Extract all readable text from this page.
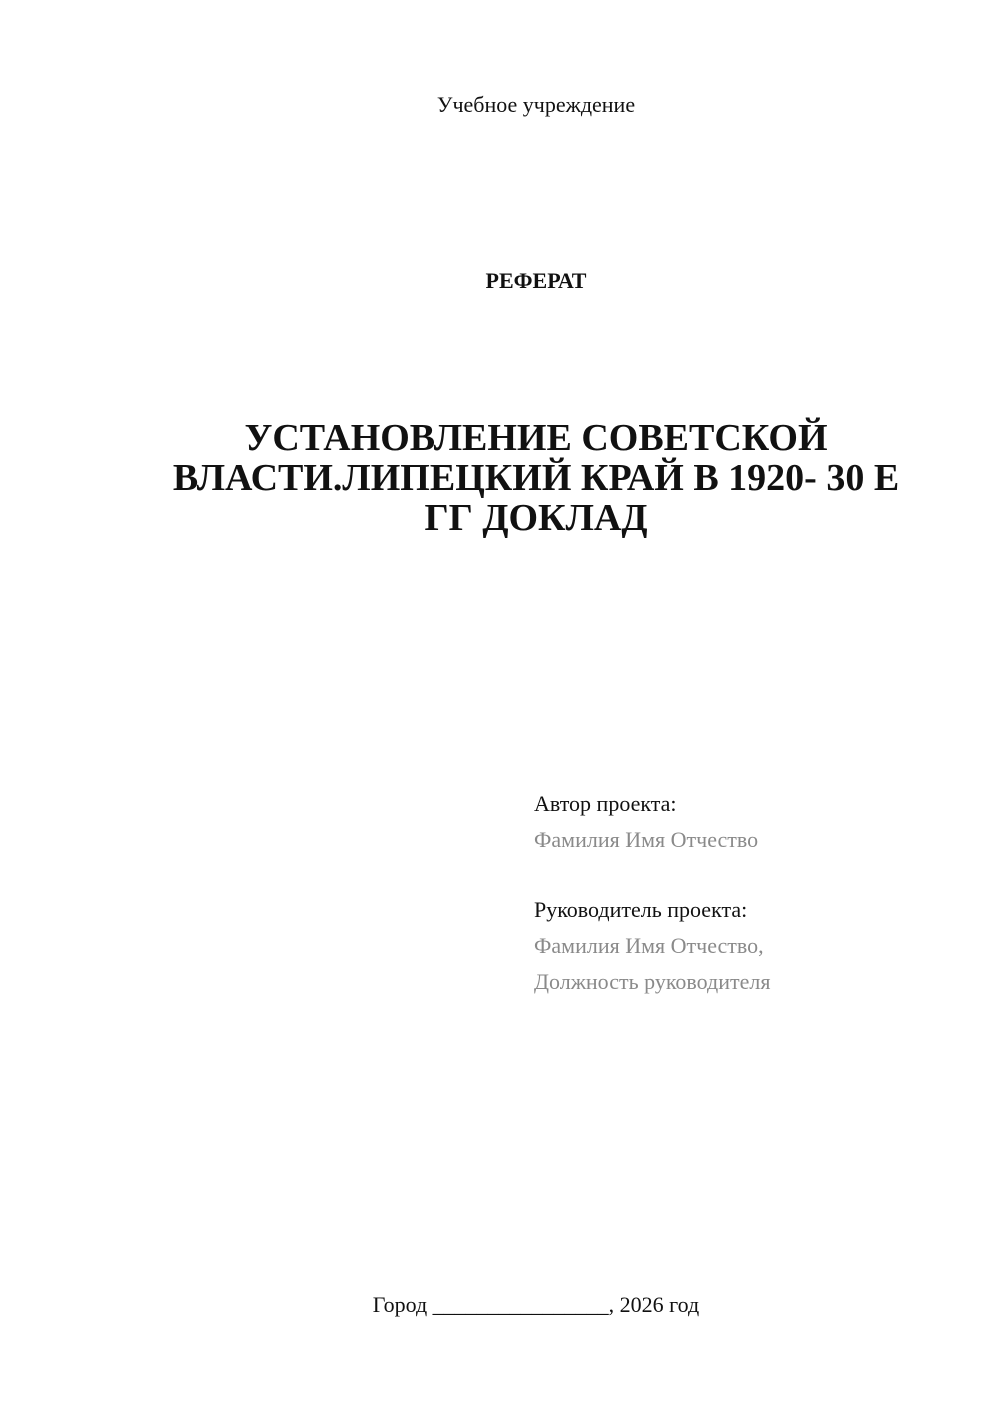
Учебное учреждение
РЕФЕРАТ
УСТАНОВЛЕНИЕ СОВЕТСКОЙ ВЛАСТИ.ЛИПЕЦКИЙ КРАЙ В 1920- 30 Е ГГ ДОКЛАД
Автор проекта:
Фамилия Имя Отчество
Руководитель проекта:
Фамилия Имя Отчество,
Должность руководителя
Город ________________, 2026 год
